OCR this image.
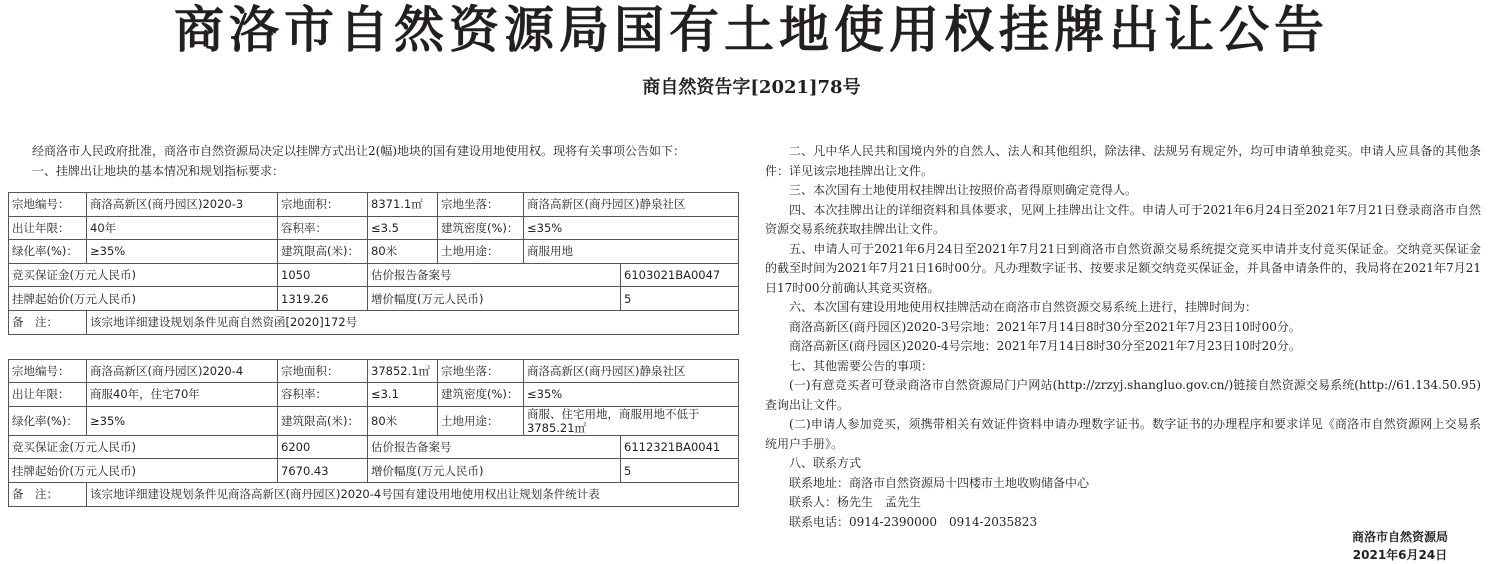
商洛市自然资源局国有土地使用权挂牌出让公告
商自然资告字[2021]78号

经商洛市人民政府批准，商洛市自然资源局决定以挂牌方式出让2(幅)地块的国有建设用地使用权。现将有关事项公告如下：

一、挂牌出让地块的基本情况和规划指标要求：

宗地编号：	商洛高新区(商丹园区)2020-3	宗地面积：	8371.1㎡	宗地坐落：	商洛高新区(商丹园区)静泉社区	
出让年限：	40年	容积率：	≤3.5	建筑密度(%)：	≤35%	
绿化率(%)：	≥35%	建筑限高(米)：	80米	土地用途：	商服用地	
竞买保证金(万元人民币)		1050	估价报告备案号			6103021BA0047
挂牌起始价(万元人民币)		1319.26	增价幅度(万元人民币)			5
备　注：	该宗地详细建设规划条件见商自然资函[2020]172号					
宗地编号：	商洛高新区(商丹园区)2020-4	宗地面积：	37852.1㎡	宗地坐落：	商洛高新区(商丹园区)静泉社区	
出让年限：	商服40年，住宅70年	容积率：	≤3.1	建筑密度(%)：	≤35%	
绿化率(%)：	≥35%	建筑限高(米)：	80米	土地用途：	商服、住宅用地，商服用地不低于3785.21㎡	
竞买保证金(万元人民币)		6200	估价报告备案号			6112321BA0041
挂牌起始价(万元人民币)		7670.43	增价幅度(万元人民币)			5
备　注：	该宗地详细建设规划条件见商洛高新区(商丹园区)2020-4号国有建设用地使用权出让规划条件统计表					

二、凡中华人民共和国境内外的自然人、法人和其他组织，除法律、法规另有规定外，均可申请单独竞买。申请人应具备的其他条件：详见该宗地挂牌出让文件。

三、本次国有土地使用权挂牌出让按照价高者得原则确定竞得人。

四、本次挂牌出让的详细资料和具体要求，见网上挂牌出让文件。申请人可于2021年6月24日至2021年7月21日登录商洛市自然资源交易系统获取挂牌出让文件。

五、申请人可于2021年6月24日至2021年7月21日到商洛市自然资源交易系统提交竞买申请并支付竞买保证金。交纳竞买保证金的截至时间为2021年7月21日16时00分。凡办理数字证书、按要求足额交纳竞买保证金，并具备申请条件的，我局将在2021年7月21日17时00分前确认其竞买资格。

六、本次国有建设用地使用权挂牌活动在商洛市自然资源交易系统上进行，挂牌时间为：

商洛高新区(商丹园区)2020-3号宗地：2021年7月14日8时30分至2021年7月23日10时00分。

商洛高新区(商丹园区)2020-4号宗地：2021年7月14日8时30分至2021年7月23日10时20分。

七、其他需要公告的事项：

(一)有意竞买者可登录商洛市自然资源局门户网站(http://zrzyj.shangluo.gov.cn/)链接自然资源交易系统(http://61.134.50.95)查询出让文件。

(二)申请人参加竞买，须携带相关有效证件资料申请办理数字证书。数字证书的办理程序和要求详见《商洛市自然资源网上交易系统用户手册》。

八、联系方式

联系地址：商洛市自然资源局十四楼市土地收购储备中心

联系人：杨先生　孟先生

联系电话：0914-2390000　0914-2035823

商洛市自然资源局
2021年6月24日
